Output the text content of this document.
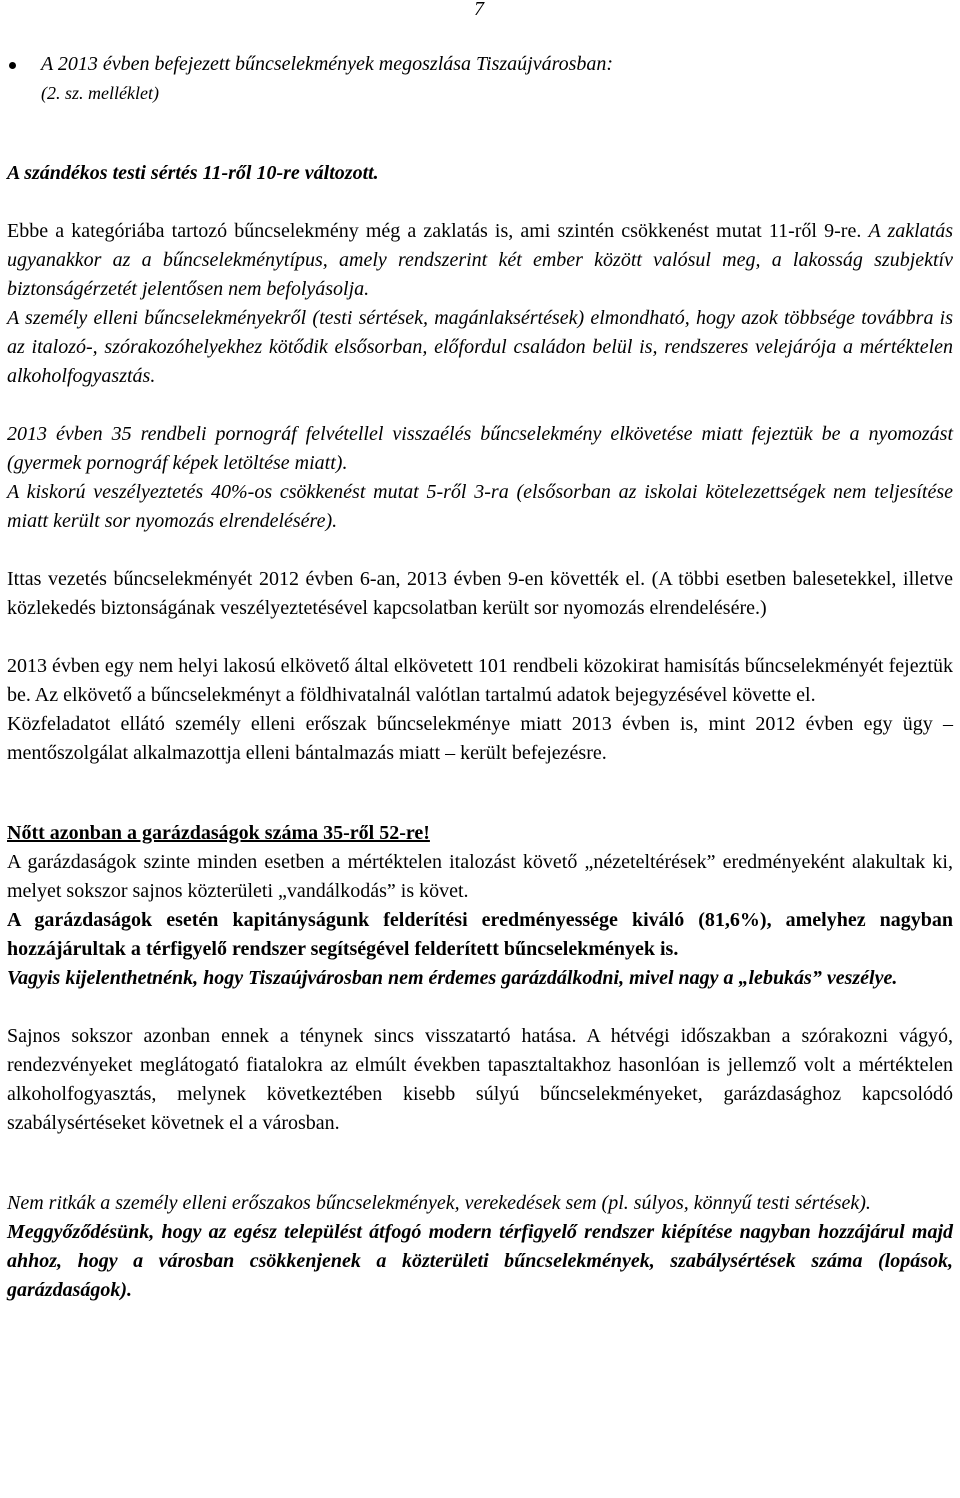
7
A 2013 évben befejezett bűncselekmények megoszlása Tiszaújvárosban:
(2. sz. melléklet)

A szándékos testi sértés 11-ről 10-re változott.

Ebbe a kategóriába tartozó bűncselekmény még a zaklatás is, ami szintén csökkenést mutat 11-ről 9-re. A zaklatás ugyanakkor az a bűncselekménytípus, amely rendszerint két ember között valósul meg, a lakosság szubjektív biztonságérzetét jelentősen nem befolyásolja.

A személy elleni bűncselekményekről (testi sértések, magánlaksértések) elmondható, hogy azok többsége továbbra is az italozó-, szórakozóhelyekhez kötődik elsősorban, előfordul családon belül is, rendszeres velejárója a mértéktelen alkoholfogyasztás.

2013 évben 35 rendbeli pornográf felvétellel visszaélés bűncselekmény elkövetése miatt fejeztük be a nyomozást (gyermek pornográf képek letöltése miatt).

A kiskorú veszélyeztetés 40%-os csökkenést mutat 5-ről 3-ra (elsősorban az iskolai kötelezettségek nem teljesítése miatt került sor nyomozás elrendelésére).

Ittas vezetés bűncselekményét 2012 évben 6-an, 2013 évben 9-en követték el. (A többi esetben balesetekkel, illetve közlekedés biztonságának veszélyeztetésével kapcsolatban került sor nyomozás elrendelésére.)

2013 évben egy nem helyi lakosú elkövető által elkövetett 101 rendbeli közokirat hamisítás bűncselekményét fejeztük be. Az elkövető a bűncselekményt a földhivatalnál valótlan tartalmú adatok bejegyzésével követte el.

Közfeladatot ellátó személy elleni erőszak bűncselekménye miatt 2013 évben is, mint 2012 évben egy ügy – mentőszolgálat alkalmazottja elleni bántalmazás miatt – került befejezésre.

Nőtt azonban a garázdaságok száma 35-ről 52-re!

A garázdaságok szinte minden esetben a mértéktelen italozást követő „nézeteltérések” eredményeként alakultak ki, melyet sokszor sajnos közterületi „vandálkodás” is követ.

A garázdaságok esetén kapitányságunk felderítési eredményessége kiváló (81,6%), amelyhez nagyban hozzájárultak a térfigyelő rendszer segítségével felderített bűncselekmények is.

Vagyis kijelenthetnénk, hogy Tiszaújvárosban nem érdemes garázdálkodni, mivel nagy a „lebukás” veszélye.

Sajnos sokszor azonban ennek a ténynek sincs visszatartó hatása. A hétvégi időszakban a szórakozni vágyó, rendezvényeket meglátogató fiatalokra az elmúlt években tapasztaltakhoz hasonlóan is jellemző volt a mértéktelen alkoholfogyasztás, melynek következtében kisebb súlyú bűncselekményeket, garázdasághoz kapcsolódó szabálysértéseket követnek el a városban.

Nem ritkák a személy elleni erőszakos bűncselekmények, verekedések sem (pl. súlyos, könnyű testi sértések).

Meggyőződésünk, hogy az egész települést átfogó modern térfigyelő rendszer kiépítése nagyban hozzájárul majd ahhoz, hogy a városban csökkenjenek a közterületi bűncselekmények, szabálysértések száma (lopások, garázdaságok).
